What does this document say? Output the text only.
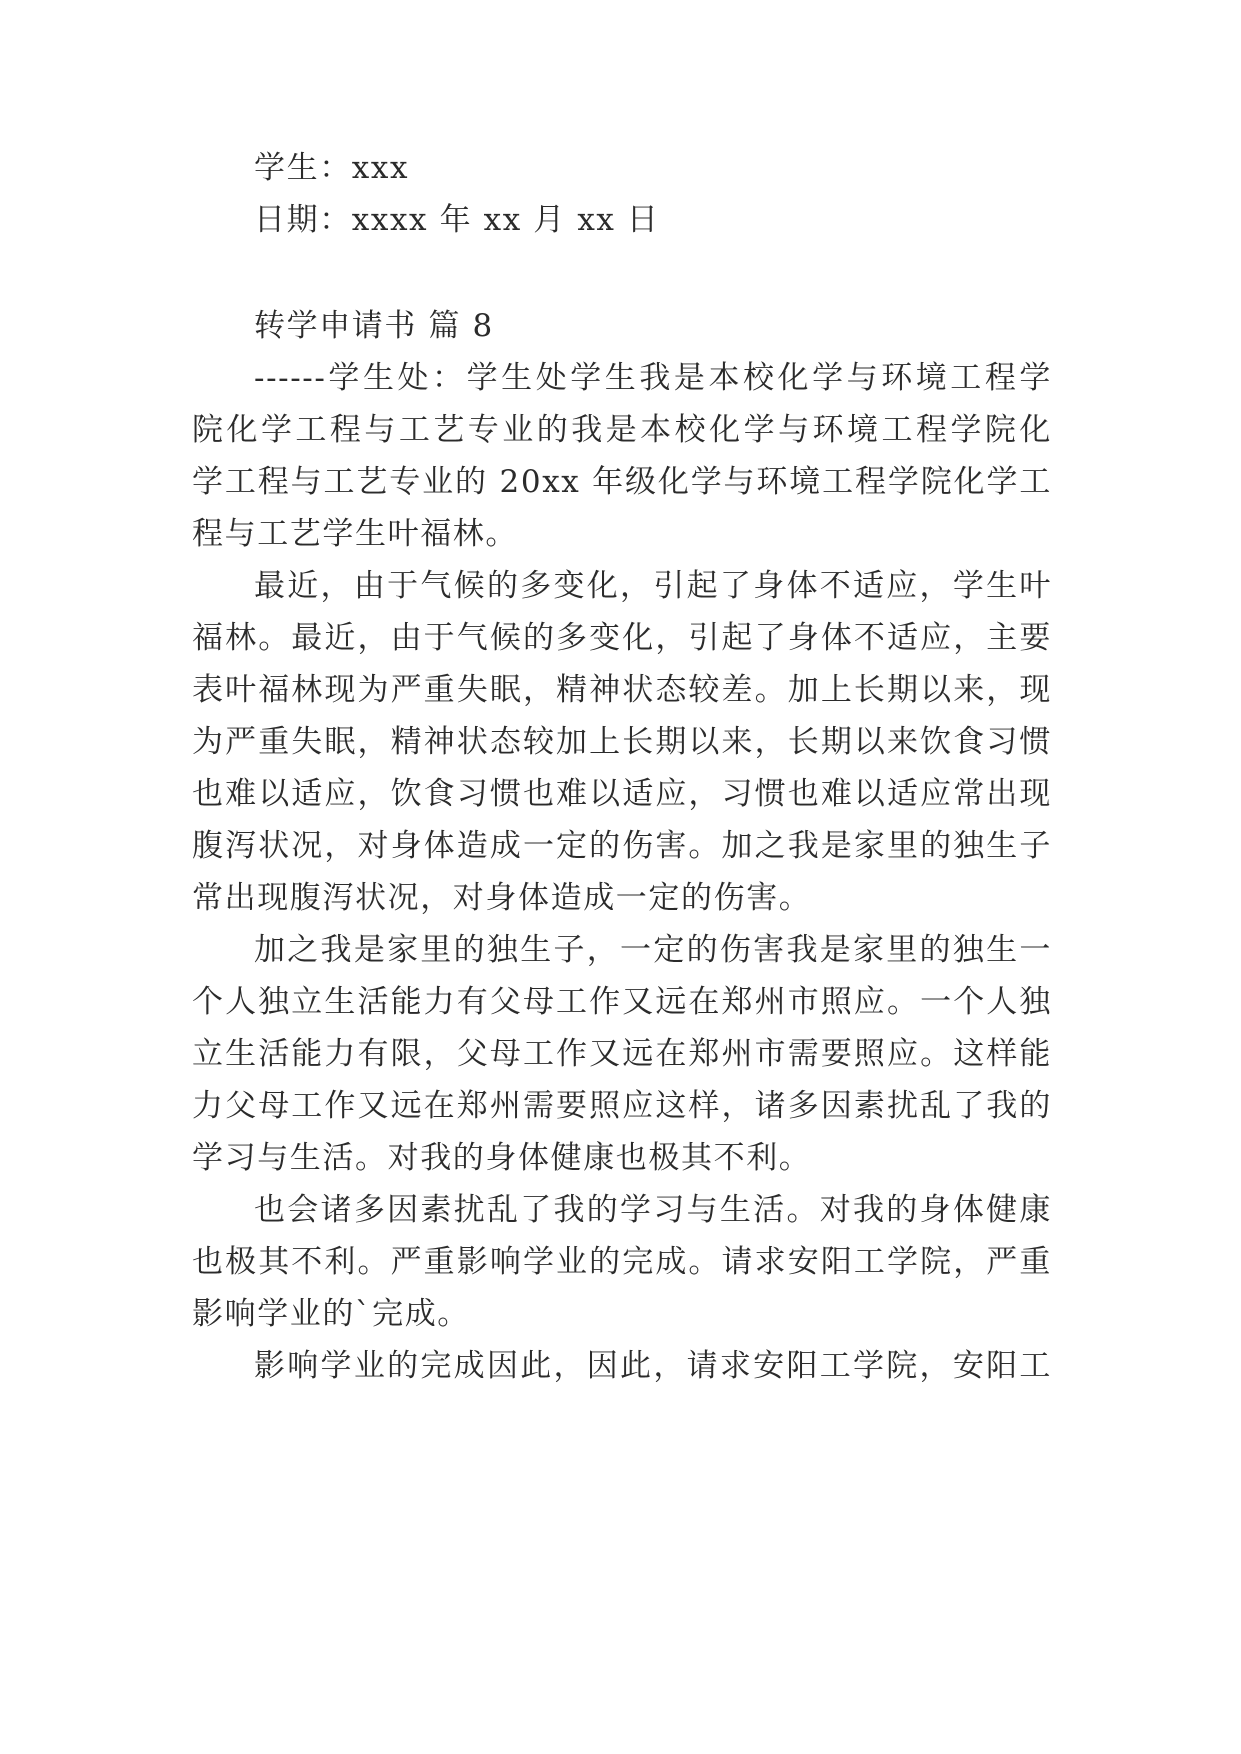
学生：xxx
日期：xxxx 年 xx 月 xx 日
转学申请书 篇 8
------学生处：学生处学生我是本校化学与环境工程学
院化学工程与工艺专业的我是本校化学与环境工程学院化
学工程与工艺专业的 20xx 年级化学与环境工程学院化学工
程与工艺学生叶福林。
最近，由于气候的多变化，引起了身体不适应，学生叶
福林。最近，由于气候的多变化，引起了身体不适应，主要
表叶福林现为严重失眠，精神状态较差。加上长期以来，现
为严重失眠，精神状态较加上长期以来，长期以来饮食习惯
也难以适应，饮食习惯也难以适应，习惯也难以适应常出现
腹泻状况，对身体造成一定的伤害。加之我是家里的独生子
常出现腹泻状况，对身体造成一定的伤害。
加之我是家里的独生子，一定的伤害我是家里的独生一
个人独立生活能力有父母工作又远在郑州市照应。一个人独
立生活能力有限，父母工作又远在郑州市需要照应。这样能
力父母工作又远在郑州需要照应这样，诸多因素扰乱了我的
学习与生活。对我的身体健康也极其不利。
也会诸多因素扰乱了我的学习与生活。对我的身体健康
也极其不利。严重影响学业的完成。请求安阳工学院，严重
影响学业的`完成。
影响学业的完成因此，因此，请求安阳工学院，安阳工
